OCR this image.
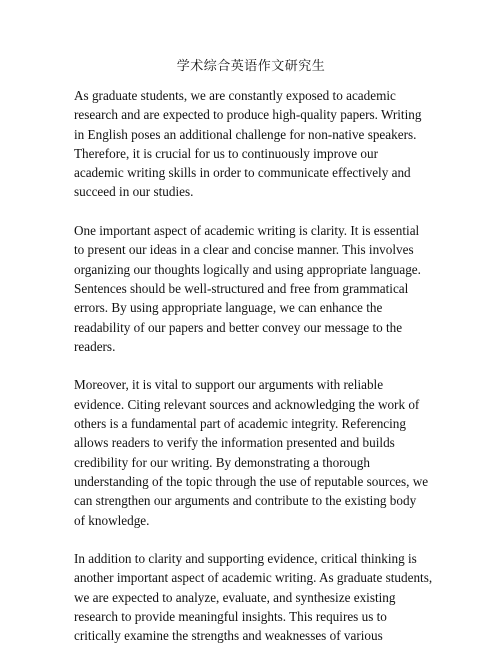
学术综合英语作文研究生

As graduate students, we are constantly exposed to academic
research and are expected to produce high-quality papers. Writing
in English poses an additional challenge for non-native speakers.
Therefore, it is crucial for us to continuously improve our
academic writing skills in order to communicate effectively and
succeed in our studies.

One important aspect of academic writing is clarity. It is essential
to present our ideas in a clear and concise manner. This involves
organizing our thoughts logically and using appropriate language.
Sentences should be well-structured and free from grammatical
errors. By using appropriate language, we can enhance the
readability of our papers and better convey our message to the
readers.

Moreover, it is vital to support our arguments with reliable
evidence. Citing relevant sources and acknowledging the work of
others is a fundamental part of academic integrity. Referencing
allows readers to verify the information presented and builds
credibility for our writing. By demonstrating a thorough
understanding of the topic through the use of reputable sources, we
can strengthen our arguments and contribute to the existing body
of knowledge.

In addition to clarity and supporting evidence, critical thinking is
another important aspect of academic writing. As graduate students,
we are expected to analyze, evaluate, and synthesize existing
research to provide meaningful insights. This requires us to
critically examine the strengths and weaknesses of various
